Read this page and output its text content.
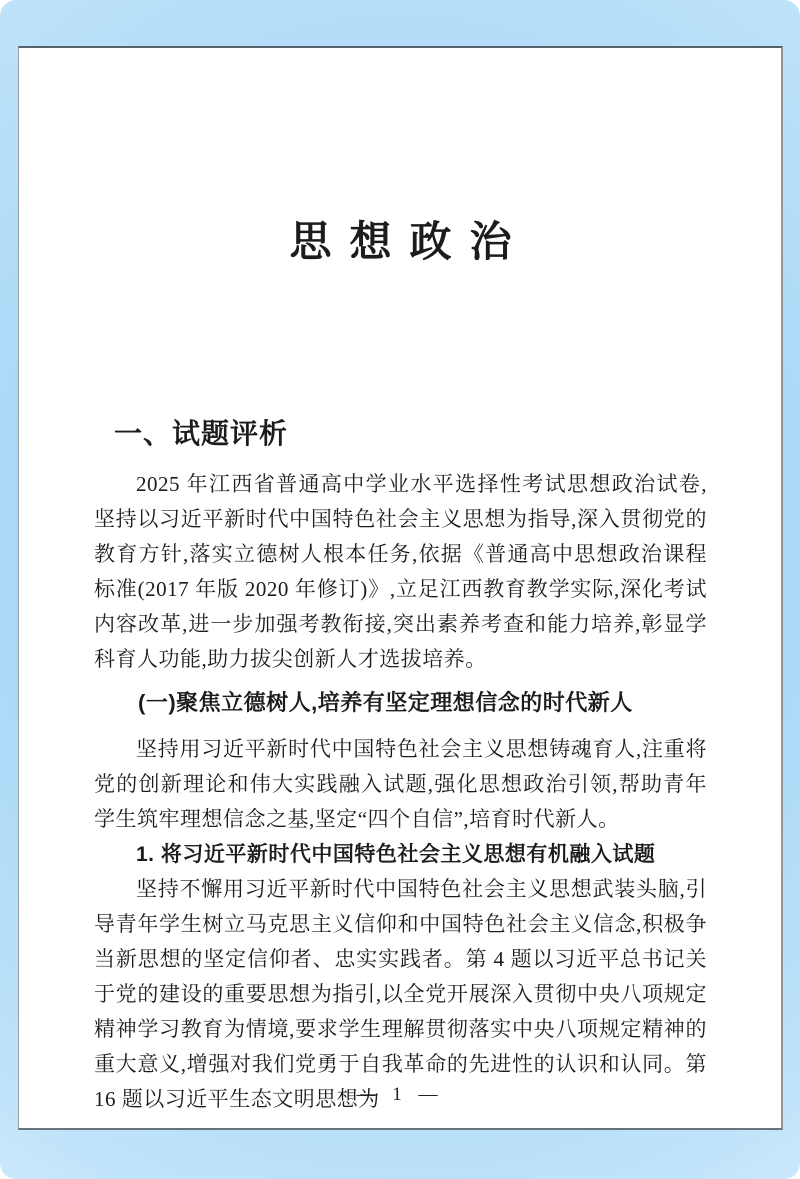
思想政治
一、试题评析

2025 年江西省普通高中学业水平选择性考试思想政治试卷,坚持以习近平新时代中国特色社会主义思想为指导,深入贯彻党的教育方针,落实立德树人根本任务,依据《普通高中思想政治课程标准(2017 年版 2020 年修订)》,立足江西教育教学实际,深化考试内容改革,进一步加强考教衔接,突出素养考查和能力培养,彰显学科育人功能,助力拔尖创新人才选拔培养。

(一)聚焦立德树人,培养有坚定理想信念的时代新人

坚持用习近平新时代中国特色社会主义思想铸魂育人,注重将党的创新理论和伟大实践融入试题,强化思想政治引领,帮助青年学生筑牢理想信念之基,坚定“四个自信”,培育时代新人。

1. 将习近平新时代中国特色社会主义思想有机融入试题

坚持不懈用习近平新时代中国特色社会主义思想武装头脑,引导青年学生树立马克思主义信仰和中国特色社会主义信念,积极争当新思想的坚定信仰者、忠实实践者。第 4 题以习近平总书记关于党的建设的重要思想为指引,以全党开展深入贯彻中央八项规定精神学习教育为情境,要求学生理解贯彻落实中央八项规定精神的重大意义,增强对我们党勇于自我革命的先进性的认识和认同。第 16 题以习近平生态文明思想为

— 1 —
